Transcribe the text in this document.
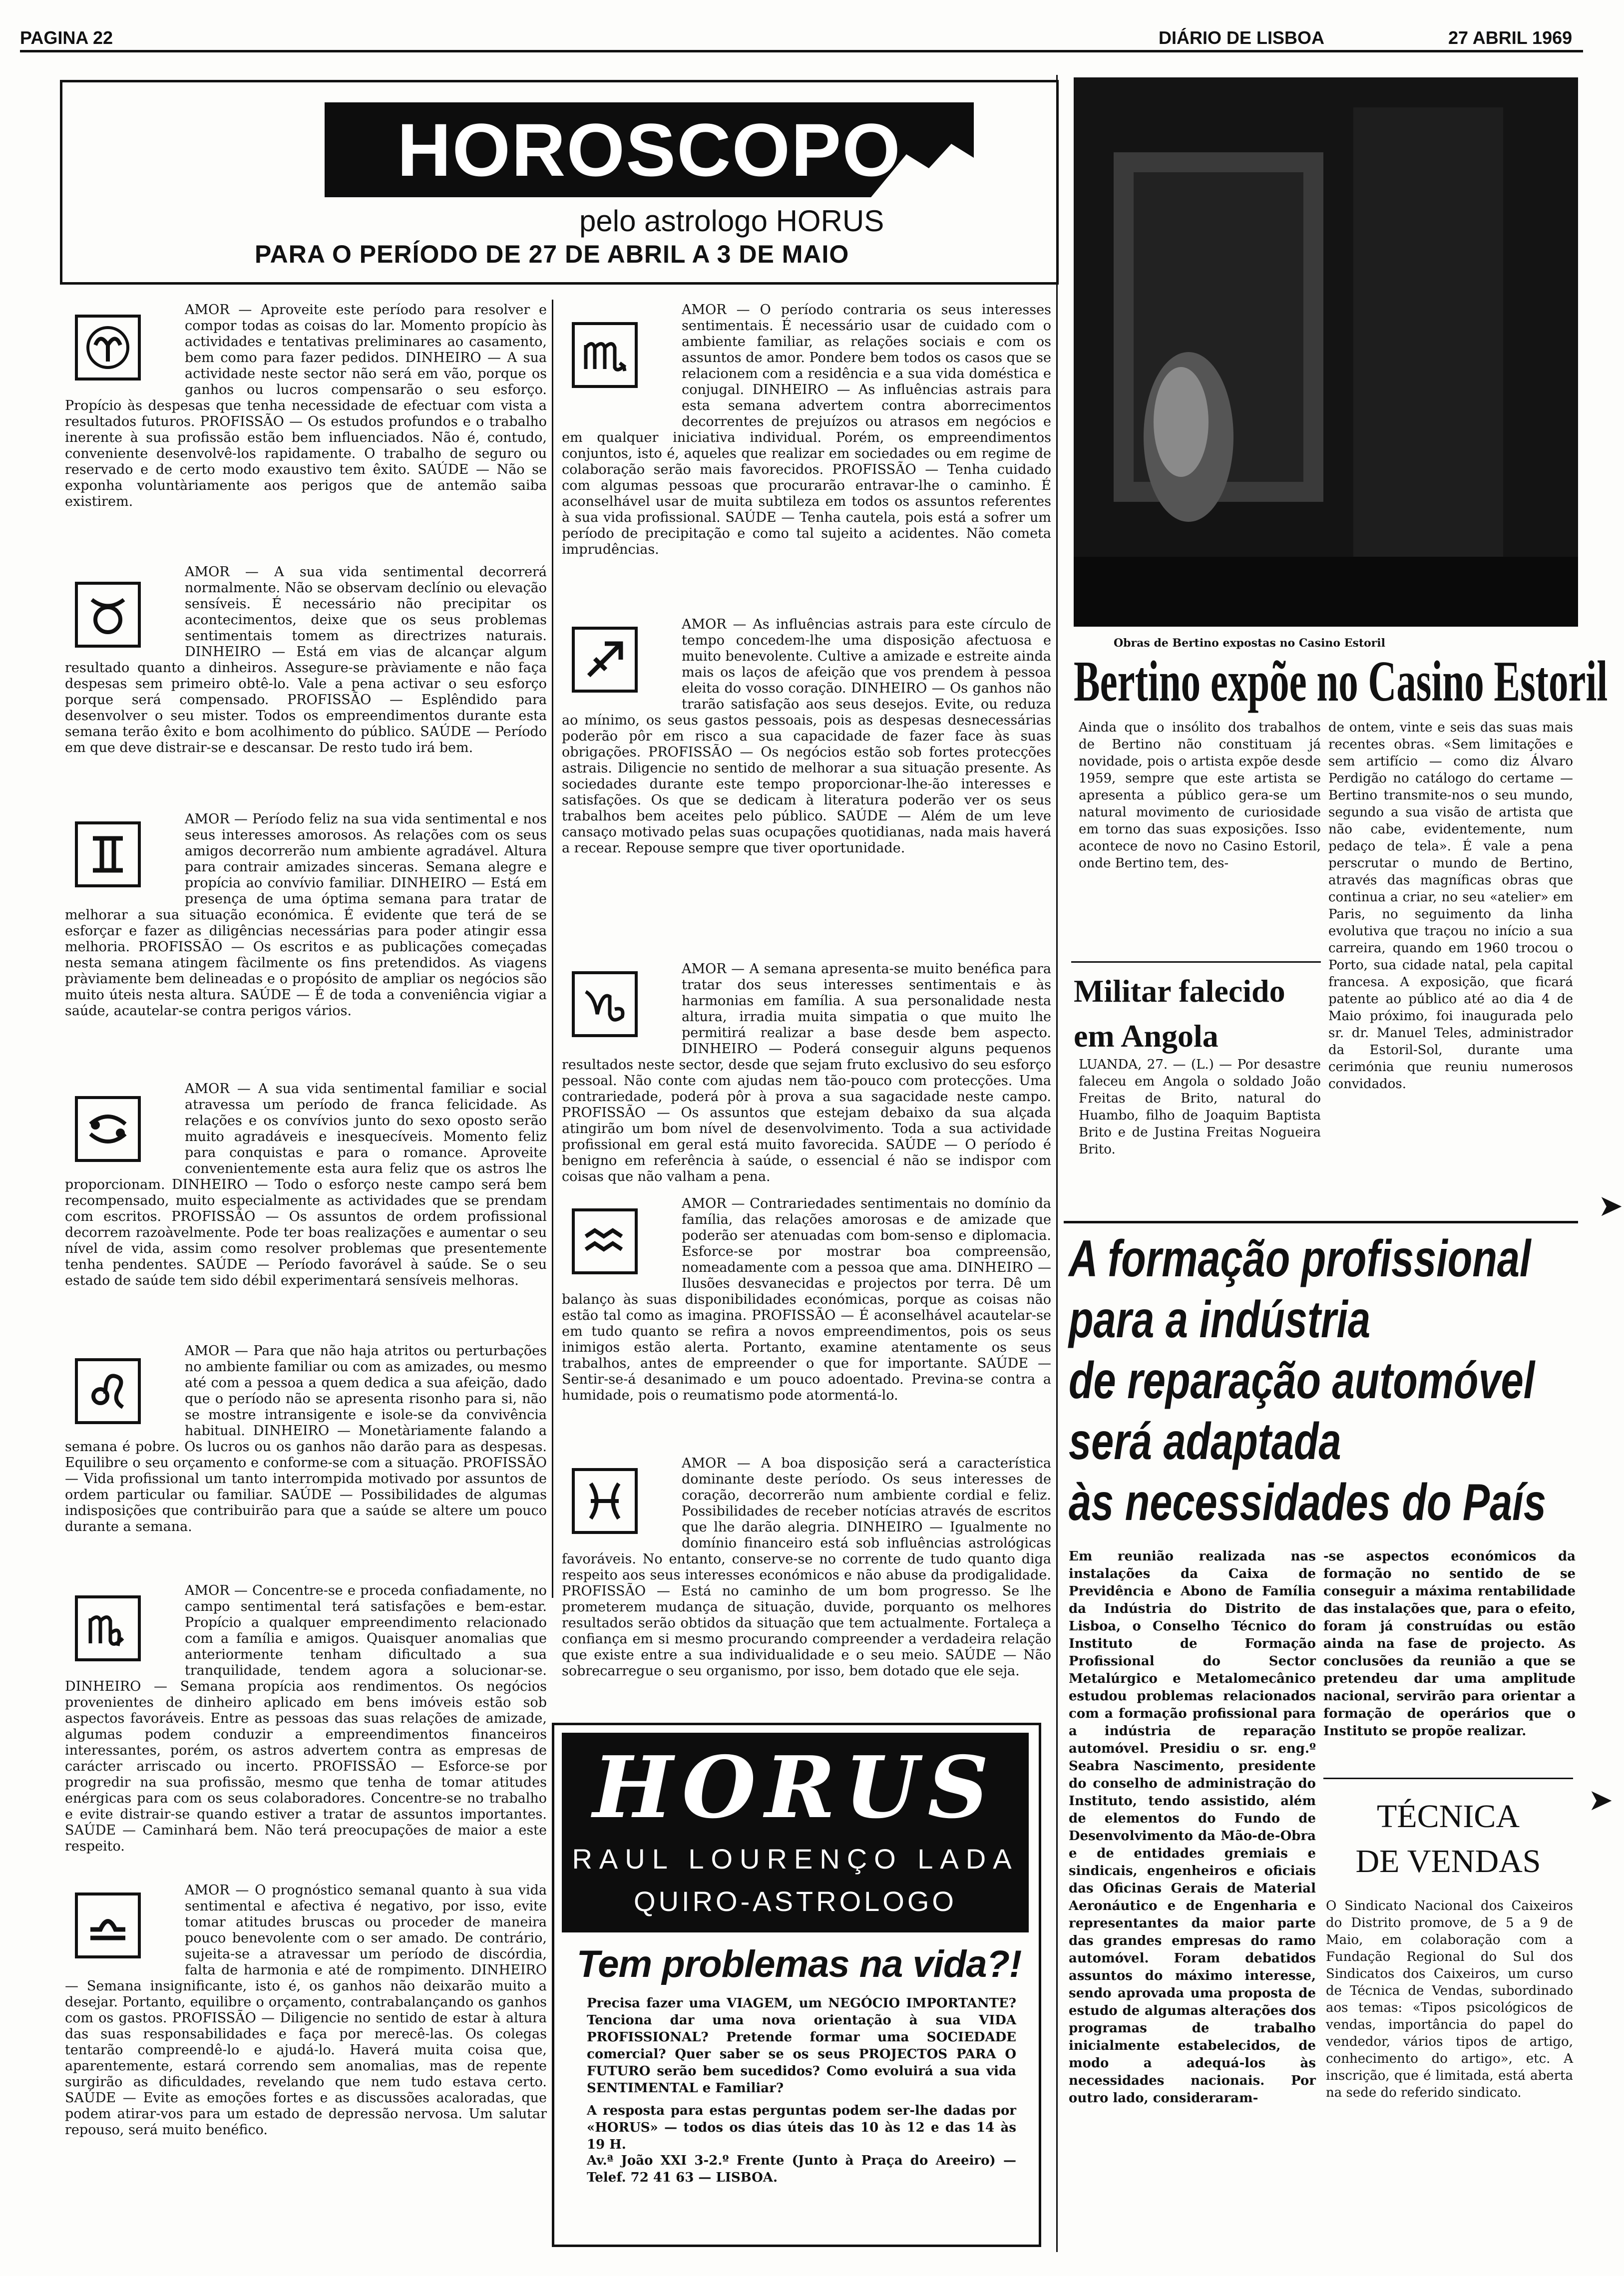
PAGINA 22	DIÁRIO DE LISBOA	27 ABRIL 1969
HOROSCOPO
pelo astrologo HORUS
PARA O PERÍODO DE 27 DE ABRIL A 3 DE MAIO
AMOR — Aproveite este período para resolver e compor todas as coisas do lar. Momento propício às actividades e tentativas preliminares ao casamento, bem como para fazer pedidos. DINHEIRO — A sua actividade neste sector não será em vão, porque os ganhos ou lucros compensarão o seu esforço. Propício às despesas que tenha necessidade de efectuar com vista a resultados futuros. PROFISSÃO — Os estudos profundos e o trabalho inerente à sua profissão estão bem influenciados. Não é, contudo, conveniente desenvolvê-los rapidamente. O trabalho de seguro ou reservado e de certo modo exaustivo tem êxito. SAÚDE — Não se exponha voluntàriamente aos perigos que de antemão saiba existirem.
AMOR — A sua vida sentimental decorrerá normalmente. Não se observam declínio ou elevação sensíveis. É necessário não precipitar os acontecimentos, deixe que os seus problemas sentimentais tomem as directrizes naturais. DINHEIRO — Está em vias de alcançar algum resultado quanto a dinheiros. Assegure-se pràviamente e não faça despesas sem primeiro obtê-lo. Vale a pena activar o seu esforço porque será compensado. PROFISSÃO — Esplêndido para desenvolver o seu mister. Todos os empreendimentos durante esta semana terão êxito e bom acolhimento do público. SAÚDE — Período em que deve distrair-se e descansar. De resto tudo irá bem.
AMOR — Período feliz na sua vida sentimental e nos seus interesses amorosos. As relações com os seus amigos decorrerão num ambiente agradável. Altura para contrair amizades sinceras. Semana alegre e propícia ao convívio familiar. DINHEIRO — Está em presença de uma óptima semana para tratar de melhorar a sua situação económica. É evidente que terá de se esforçar e fazer as diligências necessárias para poder atingir essa melhoria. PROFISSÃO — Os escritos e as publicações começadas nesta semana atingem fàcilmente os fins pretendidos. As viagens pràviamente bem delineadas e o propósito de ampliar os negócios são muito úteis nesta altura. SAÚDE — É de toda a conveniência vigiar a saúde, acautelar-se contra perigos vários.
AMOR — A sua vida sentimental familiar e social atravessa um período de franca felicidade. As relações e os convívios junto do sexo oposto serão muito agradáveis e inesquecíveis. Momento feliz para conquistas e para o romance. Aproveite convenientemente esta aura feliz que os astros lhe proporcionam. DINHEIRO — Todo o esforço neste campo será bem recompensado, muito especialmente as actividades que se prendam com escritos. PROFISSÃO — Os assuntos de ordem profissional decorrem razoàvelmente. Pode ter boas realizações e aumentar o seu nível de vida, assim como resolver problemas que presentemente tenha pendentes. SAÚDE — Período favorável à saúde. Se o seu estado de saúde tem sido débil experimentará sensíveis melhoras.
AMOR — Para que não haja atritos ou perturbações no ambiente familiar ou com as amizades, ou mesmo até com a pessoa a quem dedica a sua afeição, dado que o período não se apresenta risonho para si, não se mostre intransigente e isole-se da convivência habitual. DINHEIRO — Monetàriamente falando a semana é pobre. Os lucros ou os ganhos não darão para as despesas. Equilibre o seu orçamento e conforme-se com a situação. PROFISSÃO — Vida profissional um tanto interrompida motivado por assuntos de ordem particular ou familiar. SAÚDE — Possibilidades de algumas indisposições que contribuirão para que a saúde se altere um pouco durante a semana.
AMOR — Concentre-se e proceda confiadamente, no campo sentimental terá satisfações e bem-estar. Propício a qualquer empreendimento relacionado com a família e amigos. Quaisquer anomalias que anteriormente tenham dificultado a sua tranquilidade, tendem agora a solucionar-se. DINHEIRO — Semana propícia aos rendimentos. Os negócios provenientes de dinheiro aplicado em bens imóveis estão sob aspectos favoráveis. Entre as pessoas das suas relações de amizade, algumas podem conduzir a empreendimentos financeiros interessantes, porém, os astros advertem contra as empresas de carácter arriscado ou incerto. PROFISSÃO — Esforce-se por progredir na sua profissão, mesmo que tenha de tomar atitudes enérgicas para com os seus colaboradores. Concentre-se no trabalho e evite distrair-se quando estiver a tratar de assuntos importantes. SAÚDE — Caminhará bem. Não terá preocupações de maior a este respeito.
AMOR — O prognóstico semanal quanto à sua vida sentimental e afectiva é negativo, por isso, evite tomar atitudes bruscas ou proceder de maneira pouco benevolente com o ser amado. De contrário, sujeita-se a atravessar um período de discórdia, falta de harmonia e até de rompimento. DINHEIRO — Semana insignificante, isto é, os ganhos não deixarão muito a desejar. Portanto, equilibre o orçamento, contrabalançando os ganhos com os gastos. PROFISSÃO — Diligencie no sentido de estar à altura das suas responsabilidades e faça por merecê-las. Os colegas tentarão compreendê-lo e ajudá-lo. Haverá muita coisa que, aparentemente, estará correndo sem anomalias, mas de repente surgirão as dificuldades, revelando que nem tudo estava certo. SAÚDE — Evite as emoções fortes e as discussões acaloradas, que podem atirar-vos para um estado de depressão nervosa. Um salutar repouso, será muito benéfico.
AMOR — O período contraria os seus interesses sentimentais. É necessário usar de cuidado com o ambiente familiar, as relações sociais e com os assuntos de amor. Pondere bem todos os casos que se relacionem com a residência e a sua vida doméstica e conjugal. DINHEIRO — As influências astrais para esta semana advertem contra aborrecimentos decorrentes de prejuízos ou atrasos em negócios e em qualquer iniciativa individual. Porém, os empreendimentos conjuntos, isto é, aqueles que realizar em sociedades ou em regime de colaboração serão mais favorecidos. PROFISSÃO — Tenha cuidado com algumas pessoas que procurarão entravar-lhe o caminho. É aconselhável usar de muita subtileza em todos os assuntos referentes à sua vida profissional. SAÚDE — Tenha cautela, pois está a sofrer um período de precipitação e como tal sujeito a acidentes. Não cometa imprudências.
AMOR — As influências astrais para este círculo de tempo concedem-lhe uma disposição afectuosa e muito benevolente. Cultive a amizade e estreite ainda mais os laços de afeição que vos prendem à pessoa eleita do vosso coração. DINHEIRO — Os ganhos não trarão satisfação aos seus desejos. Evite, ou reduza ao mínimo, os seus gastos pessoais, pois as despesas desnecessárias poderão pôr em risco a sua capacidade de fazer face às suas obrigações. PROFISSÃO — Os negócios estão sob fortes protecções astrais. Diligencie no sentido de melhorar a sua situação presente. As sociedades durante este tempo proporcionar-lhe-ão interesses e satisfações. Os que se dedicam à literatura poderão ver os seus trabalhos bem aceites pelo público. SAÚDE — Além de um leve cansaço motivado pelas suas ocupações quotidianas, nada mais haverá a recear. Repouse sempre que tiver oportunidade.
AMOR — A semana apresenta-se muito benéfica para tratar dos seus interesses sentimentais e às harmonias em família. A sua personalidade nesta altura, irradia muita simpatia o que muito lhe permitirá realizar a base desde bem aspecto. DINHEIRO — Poderá conseguir alguns pequenos resultados neste sector, desde que sejam fruto exclusivo do seu esforço pessoal. Não conte com ajudas nem tão-pouco com protecções. Uma contrariedade, poderá pôr à prova a sua sagacidade neste campo. PROFISSÃO — Os assuntos que estejam debaixo da sua alçada atingirão um bom nível de desenvolvimento. Toda a sua actividade profissional em geral está muito favorecida. SAÚDE — O período é benigno em referência à saúde, o essencial é não se indispor com coisas que não valham a pena.
AMOR — Contrariedades sentimentais no domínio da família, das relações amorosas e de amizade que poderão ser atenuadas com bom-senso e diplomacia. Esforce-se por mostrar boa compreensão, nomeadamente com a pessoa que ama. DINHEIRO — Ilusões desvanecidas e projectos por terra. Dê um balanço às suas disponibilidades económicas, porque as coisas não estão tal como as imagina. PROFISSÃO — É aconselhável acautelar-se em tudo quanto se refira a novos empreendimentos, pois os seus inimigos estão alerta. Portanto, examine atentamente os seus trabalhos, antes de empreender o que for importante. SAÚDE — Sentir-se-á desanimado e um pouco adoentado. Previna-se contra a humidade, pois o reumatismo pode atormentá-lo.
AMOR — A boa disposição será a característica dominante deste período. Os seus interesses de coração, decorrerão num ambiente cordial e feliz. Possibilidades de receber notícias através de escritos que lhe darão alegria. DINHEIRO — Igualmente no domínio financeiro está sob influências astrológicas favoráveis. No entanto, conserve-se no corrente de tudo quanto diga respeito aos seus interesses económicos e não abuse da prodigalidade. PROFISSÃO — Está no caminho de um bom progresso. Se lhe prometerem mudança de situação, duvide, porquanto os melhores resultados serão obtidos da situação que tem actualmente. Fortaleça a confiança em si mesmo procurando compreender a verdadeira relação que existe entre a sua individualidade e o seu meio. SAÚDE — Não sobrecarregue o seu organismo, por isso, bem dotado que ele seja.
HORUS
RAUL LOURENÇO LADA
QUIRO-ASTROLOGO
Tem problemas na vida?!
Precisa fazer uma VIAGEM, um NEGÓCIO IMPORTANTE? Tenciona dar uma nova orientação à sua VIDA PROFISSIONAL? Pretende formar uma SOCIEDADE comercial? Quer saber se os seus PROJECTOS PARA O FUTURO serão bem sucedidos? Como evoluirá a sua vida SENTIMENTAL e Familiar?
A resposta para estas perguntas podem ser-lhe dadas por «HORUS» — todos os dias úteis das 10 às 12 e das 14 às 19 H.
Av.ª João XXI 3-2.º Frente (Junto à Praça do Areeiro) — Telef. 72 41 63 — LISBOA.
Obras de Bertino expostas no Casino Estoril
Bertino expõe no Casino Estoril
Ainda que o insólito dos trabalhos de Bertino não constituam já novidade, pois o artista expõe desde 1959, sempre que este artista se apresenta a público gera-se um natural movimento de curiosidade em torno das suas exposições. Isso acontece de novo no Casino Estoril, onde Bertino tem, des-
de ontem, vinte e seis das suas mais recentes obras. «Sem limitações e sem artifício — como diz Álvaro Perdigão no catálogo do certame — Bertino transmite-nos o seu mundo, segundo a sua visão de artista que não cabe, evidentemente, num pedaço de tela». É vale a pena perscrutar o mundo de Bertino, através das magníficas obras que continua a criar, no seu «atelier» em Paris, no seguimento da linha evolutiva que traçou no início a sua carreira, quando em 1960 trocou o Porto, sua cidade natal, pela capital francesa. A exposição, que ficará patente ao público até ao dia 4 de Maio próximo, foi inaugurada pelo sr. dr. Manuel Teles, administrador da Estoril-Sol, durante uma cerimónia que reuniu numerosos convidados.
Militar falecido
em Angola
LUANDA, 27. — (L.) — Por desastre faleceu em Angola o soldado João Freitas de Brito, natural do Huambo, filho de Joaquim Baptista Brito e de Justina Freitas Nogueira Brito.
A formação profissional
para a indústria
de reparação automóvel
será adaptada
às necessidades do País
Em reunião realizada nas instalações da Caixa de Previdência e Abono de Família da Indústria do Distrito de Lisboa, o Conselho Técnico do Instituto de Formação Profissional do Sector Metalúrgico e Metalomecânico estudou problemas relacionados com a formação profissional para a indústria de reparação automóvel. Presidiu o sr. eng.º Seabra Nascimento, presidente do conselho de administração do Instituto, tendo assistido, além de elementos do Fundo de Desenvolvimento da Mão-de-Obra e de entidades gremiais e sindicais, engenheiros e oficiais das Oficinas Gerais de Material Aeronáutico e de Engenharia e representantes da maior parte das grandes empresas do ramo automóvel. Foram debatidos assuntos do máximo interesse, sendo aprovada uma proposta de estudo de algumas alterações dos programas de trabalho inicialmente estabelecidos, de modo a adequá-los às necessidades nacionais. Por outro lado, consideraram-
-se aspectos económicos da formação no sentido de se conseguir a máxima rentabilidade das instalações que, para o efeito, foram já construídas ou estão ainda na fase de projecto. As conclusões da reunião a que se pretendeu dar uma amplitude nacional, servirão para orientar a formação de operários que o Instituto se propõe realizar.
TÉCNICA
DE VENDAS
O Sindicato Nacional dos Caixeiros do Distrito promove, de 5 a 9 de Maio, em colaboração com a Fundação Regional do Sul dos Sindicatos dos Caixeiros, um curso de Técnica de Vendas, subordinado aos temas: «Tipos psicológicos de vendas, importância do papel do vendedor, vários tipos de artigo, conhecimento do artigo», etc. A inscrição, que é limitada, está aberta na sede do referido sindicato.
➤
➤
